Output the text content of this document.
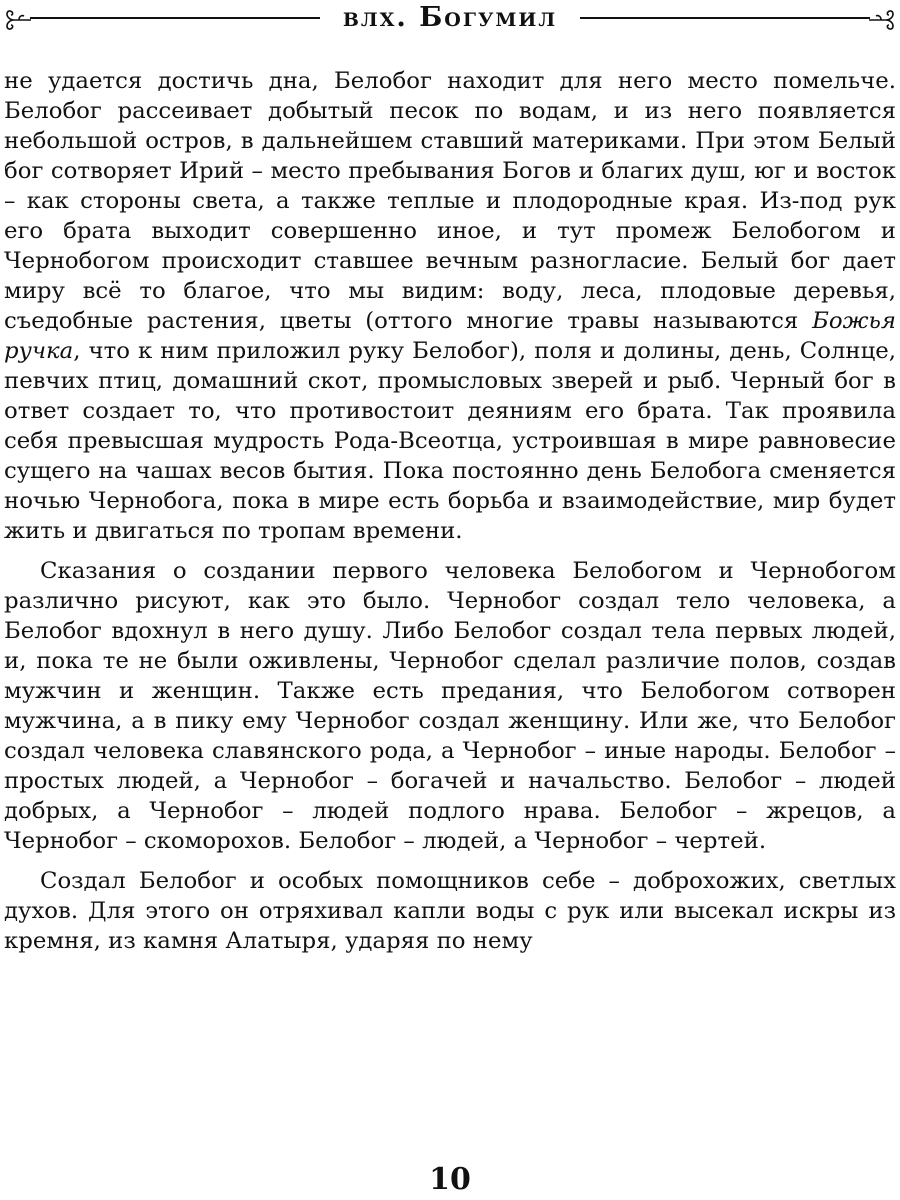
влх. Богумил

не удается достичь дна, Белобог находит для него место помельче. Белобог рассеивает добытый песок по водам, и из него появляется небольшой остров, в дальнейшем ставший материками. При этом Белый бог сотворяет Ирий – место пребывания Богов и благих душ, юг и восток – как стороны света, а также теплые и плодородные края. Из-под рук его брата выходит совершенно иное, и тут промеж Белобогом и Чернобогом происходит ставшее вечным разногласие. Белый бог дает миру всё то благое, что мы видим: воду, леса, плодовые деревья, съедобные растения, цветы (оттого многие травы называются Божья ручка, что к ним приложил руку Белобог), поля и долины, день, Солнце, певчих птиц, домашний скот, промысловых зверей и рыб. Черный бог в ответ создает то, что противостоит деяниям его брата. Так проявила себя превысшая мудрость Рода-Всеотца, устроившая в мире равновесие сущего на чашах весов бытия. Пока постоянно день Белобога сменяется ночью Чернобога, пока в мире есть борьба и взаимодействие, мир будет жить и двигаться по тропам времени.

Сказания о создании первого человека Белобогом и Чернобогом различно рисуют, как это было. Чернобог создал тело человека, а Белобог вдохнул в него душу. Либо Белобог создал тела первых людей, и, пока те не были оживлены, Чернобог сделал различие полов, создав мужчин и женщин. Также есть предания, что Белобогом сотворен мужчина, а в пику ему Чернобог создал женщину. Или же, что Белобог создал человека славянского рода, а Чернобог – иные народы. Белобог – простых людей, а Чернобог – богачей и начальство. Белобог – людей добрых, а Чернобог – людей подлого нрава. Белобог – жрецов, а Чернобог – скоморохов. Белобог – людей, а Чернобог – чертей.

Создал Белобог и особых помощников себе – доброхожих, светлых духов. Для этого он отряхивал капли воды с рук или высекал искры из кремня, из камня Алатыря, ударяя по нему

10
